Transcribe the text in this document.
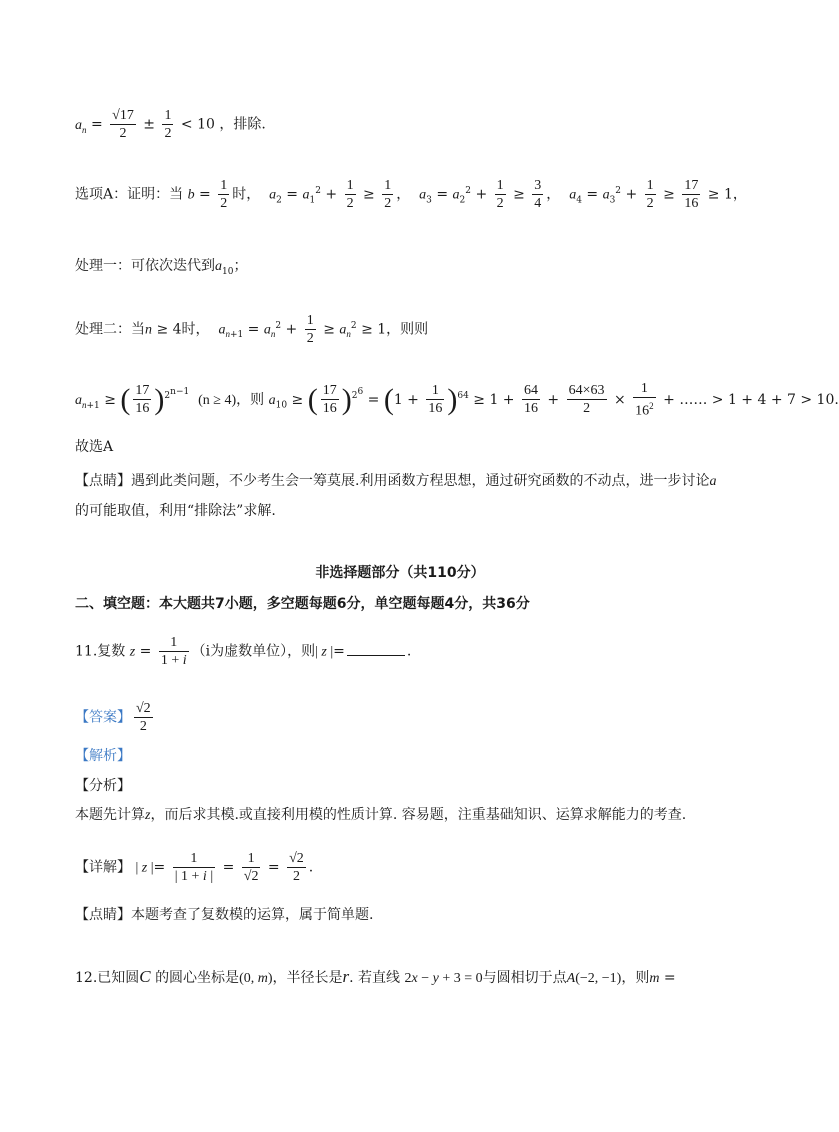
$a_n = \frac{√17}{2} \pm \frac{1}{2} < 10$ ，排除.
选项A：证明：当 $b = \frac{1}{2}$ 时， $a_2 = a_1^2 + \frac{1}{2} \ge \frac{1}{2}$ ， $a_3 = a_2^2 + \frac{1}{2} \ge \frac{3}{4}$ ， $a_4 = a_3^2 + \frac{1}{2} \ge \frac{17}{16} \ge 1$，
处理一：可依次迭代到$a_{10}$；
处理二：当n ≥ 4时， $a_{n+1} = a_n^2 + \frac{1}{2} \ge a_n^2 \ge 1$，则则
$a_{n+1}$ ≥ ( $\frac{17}{16} )^{2^{n-1}}$  (n ≥ 4)，则 $a_{10}$ ≥ ( $\frac{17}{16} )^{2^6} = (1 + \frac{1}{16} )^{64} \ge 1 + \frac{64}{16} + \frac{64\times 63}{2} \times \frac{1}{16^2}$ + …… > 1 + 4 + 7 > 10.
故选A
【点睛】遇到此类问题，不少考生会一筹莫展.利用函数方程思想，通过研究函数的不动点，进一步讨论a
的可能取值，利用“排除法”求解.
非选择题部分（共110分）
二、填空题：本大题共7小题，多空题每题6分，单空题每题4分，共36分
11.复数 $z = \frac{1}{1 + i} (i$为虚数单位），则| z |=	.
【答案】 $\frac{√2}{2}$
【解析】
【分析】
本题先计算z，而后求其模.或直接利用模的性质计算. 容易题，注重基础知识、运算求解能力的考查.
【详解】 | z |= $\frac{1}{| 1 + i |} = \frac{1}{√2} = \frac{√2}{2}$ .
【点睛】本题考查了复数模的运算，属于简单题.
12.已知圆C 的圆心坐标是(0, m)，半径长是r. 若直线 2x − y + 3 = 0与圆相切于点A(−2, −1)，则m =
